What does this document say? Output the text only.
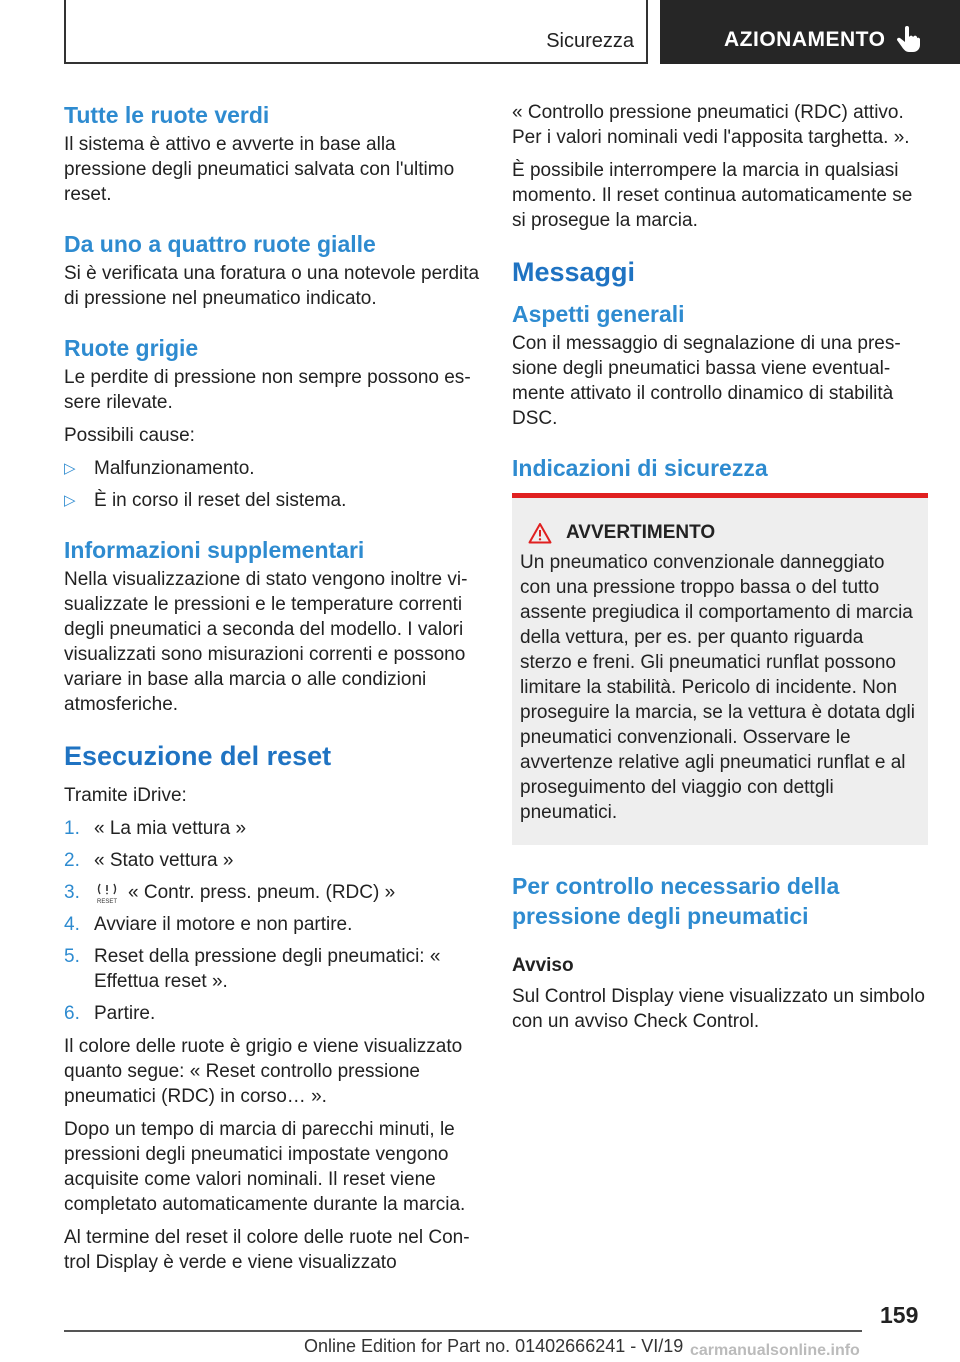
Sicurezza	AZIONAMENTO
Tutte le ruote verdi

Il sistema è attivo e avverte in base alla pressione degli pneumatici salvata con l'ultimo reset.

Da uno a quattro ruote gialle

Si è verificata una foratura o una notevole perdita di pressione nel pneumatico indicato.

Ruote grigie

Le perdite di pressione non sempre possono essere rilevate.

Possibili cause:

▷ Malfunzionamento.
▷ È in corso il reset del sistema.
Informazioni supplementari

Nella visualizzazione di stato vengono inoltre visualizzate le pressioni e le temperature correnti degli pneumatici a seconda del modello. I valori visualizzati sono misurazioni correnti e possono variare in base alla marcia o alle condizioni atmosferiche.

Esecuzione del reset

Tramite iDrive:

1. « La mia vettura »
2. « Stato vettura »
3.	RESET « Contr. press. pneum. (RDC) »
4. Avviare il motore e non partire.
5. Reset della pressione degli pneumatici: « Effettua reset ».
6. Partire.

Il colore delle ruote è grigio e viene visualizzato quanto segue: « Reset controllo pressione pneumatici (RDC) in corso… ».

Dopo un tempo di marcia di parecchi minuti, le pressioni degli pneumatici impostate vengono acquisite come valori nominali. Il reset viene completato automaticamente durante la marcia.

Al termine del reset il colore delle ruote nel Control Display è verde e viene visualizzato

« Controllo pressione pneumatici (RDC) attivo. Per i valori nominali vedi l'apposita targhetta. ».

È possibile interrompere la marcia in qualsiasi momento. Il reset continua automaticamente se si prosegue la marcia.

Messaggi
Aspetti generali

Con il messaggio di segnalazione di una pressione degli pneumatici bassa viene eventualmente attivato il controllo dinamico di stabilità DSC.

Indicazioni di sicurezza
AVVERTIMENTO

Un pneumatico convenzionale danneggiato con una pressione troppo bassa o del tutto assente pregiudica il comportamento di marcia della vettura, per es. per quanto riguarda sterzo e freni. Gli pneumatici runflat possono limitare la stabilità. Pericolo di incidente. Non proseguire la marcia, se la vettura è dotata dgli pneumatici convenzionali. Osservare le avvertenze relative agli pneumatici runflat e al proseguimento del viaggio con dettgli pneumatici.

Per controllo necessario della pressione degli pneumatici
Avviso

Sul Control Display viene visualizzato un simbolo con un avviso Check Control.

159
Online Edition for Part no. 01402666241 - VI/19 carmanualsonline.info
